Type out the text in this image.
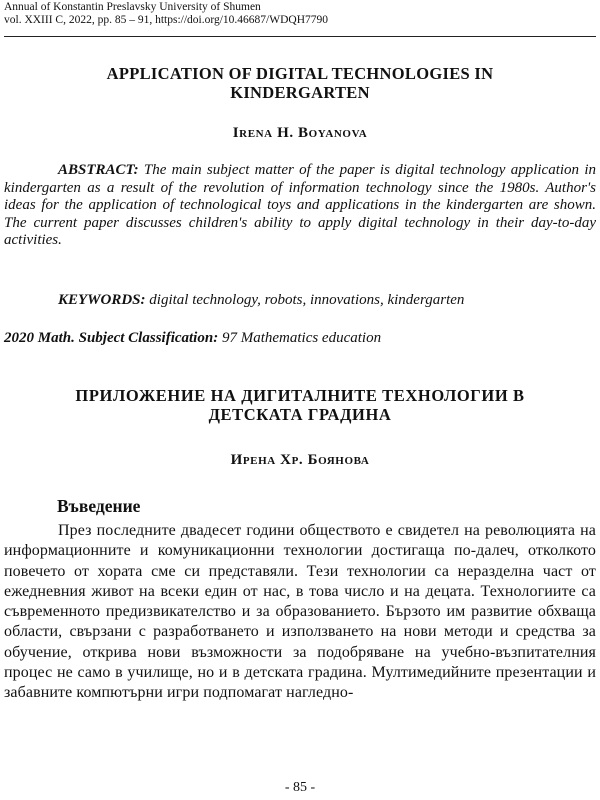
Annual of Konstantin Preslavsky University of Shumen
vol. XXIII C, 2022, pp. 85 – 91, https://doi.org/10.46687/WDQH7790
APPLICATION OF DIGITAL TECHNOLOGIES IN KINDERGARTEN
Irena H. Boyanova
ABSTRACT: The main subject matter of the paper is digital technology application in kindergarten as a result of the revolution of information technology since the 1980s. Author's ideas for the application of technological toys and applications in the kindergarten are shown. The current paper discusses children's ability to apply digital technology in their day-to-day activities.
KEYWORDS: digital technology, robots, innovations, kindergarten
2020 Math. Subject Classification: 97 Mathematics education
ПРИЛОЖЕНИЕ НА ДИГИТАЛНИТЕ ТЕХНОЛОГИИ В ДЕТСКАТА ГРАДИНА
Ирена Хр. Боянова
Въведение
През последните двадесет години обществото е свидетел на революцията на информационните и комуникационни технологии достигаща по-далеч, отколкото повечето от хората сме си представяли. Тези технологии са неразделна част от ежедневния живот на всеки един от нас, в това число и на децата. Технологиите са съвременното предизвикателство и за образованието. Бързото им развитие обхваща области, свързани с разработването и използването на нови методи и средства за обучение, открива нови възможности за подобряване на учебно-възпитателния процес не само в училище, но и в детската градина. Мултимедийните презентации и забавните компютърни игри подпомагат нагледно-
- 85 -
